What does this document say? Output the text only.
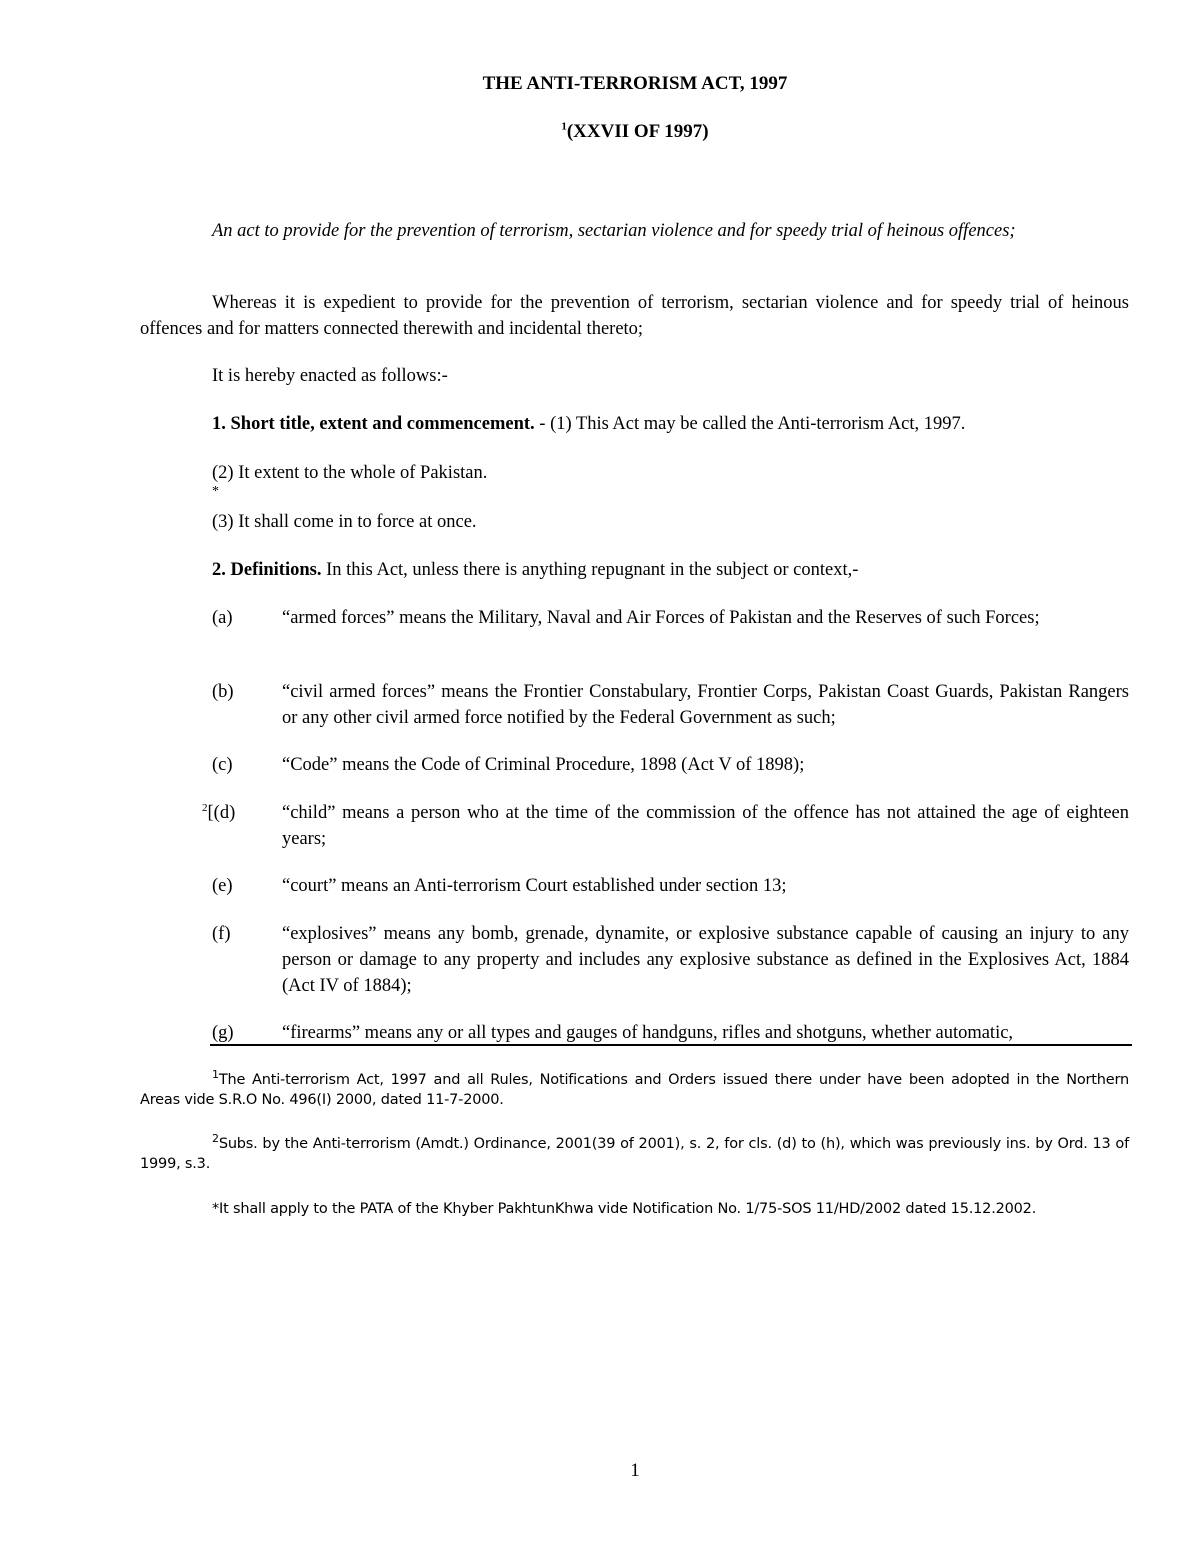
THE ANTI-TERRORISM ACT, 1997
$^1$(XXVII OF 1997)
An act to provide for the prevention of terrorism, sectarian violence and for speedy trial of heinous offences;
Whereas it is expedient to provide for the prevention of terrorism, sectarian violence and for speedy trial of heinous offences and for matters connected therewith and incidental thereto;
It is hereby enacted as follows:-
1. Short title, extent and commencement. - (1) This Act may be called the Anti-terrorism Act, 1997.
(2) It extent to the whole of Pakistan.
*
(3) It shall come in to force at once.
2. Definitions. In this Act, unless there is anything repugnant in the subject or context,-
(a)	“armed forces” means the Military, Naval and Air Forces of Pakistan and the Reserves of such Forces;
(b)	“civil armed forces” means the Frontier Constabulary, Frontier Corps, Pakistan Coast Guards, Pakistan Rangers or any other civil armed force notified by the Federal Government as such;
(c)	“Code” means the Code of Criminal Procedure, 1898 (Act V of 1898);
$^2$[(d)	“child” means a person who at the time of the commission of the offence has not attained the age of eighteen years;
(e)	“court” means an Anti-terrorism Court established under section 13;
(f)	“explosives” means any bomb, grenade, dynamite, or explosive substance capable of causing an injury to any person or damage to any property and includes any explosive substance as defined in the Explosives Act, 1884 (Act IV of 1884);
(g)	“firearms” means any or all types and gauges of handguns, rifles and shotguns, whether automatic,
$^1$The Anti-terrorism Act, 1997 and all Rules, Notifications and Orders issued there under have been adopted in the Northern Areas vide S.R.O No. 496(I) 2000, dated 11-7-2000.
$^2$Subs. by the Anti-terrorism (Amdt.) Ordinance, 2001(39 of 2001), s. 2, for cls. (d) to (h), which was previously ins. by Ord. 13 of 1999, s.3.
*It shall apply to the PATA of the Khyber PakhtunKhwa vide Notification No. 1/75-SOS 11/HD/2002 dated 15.12.2002.
1
